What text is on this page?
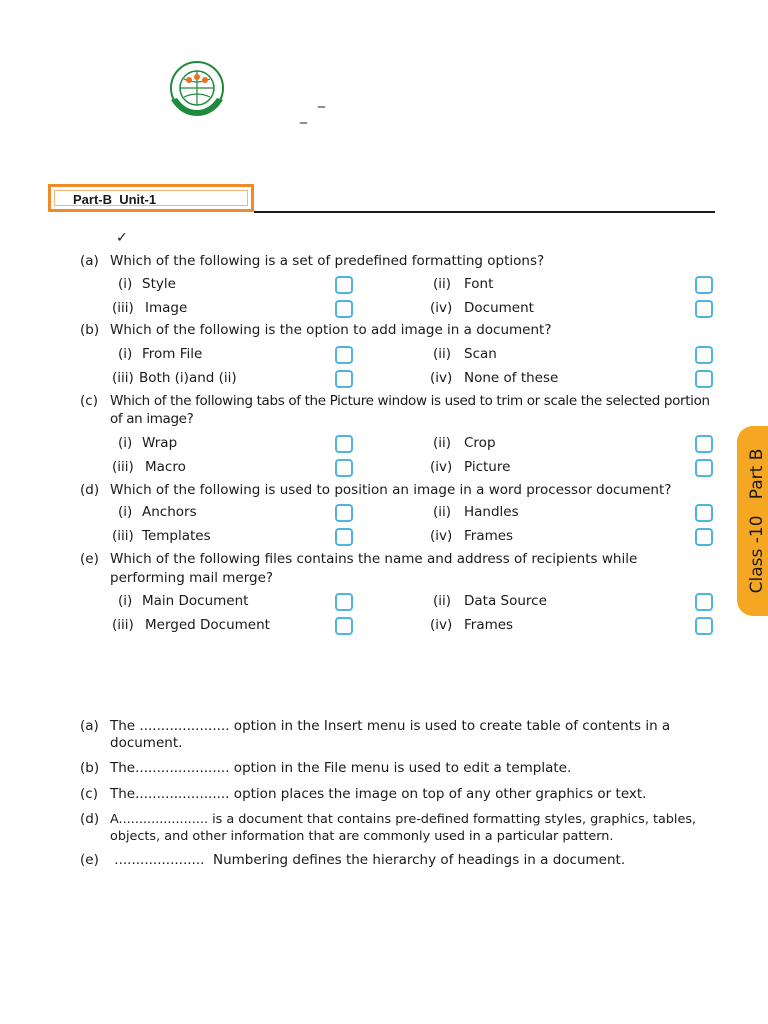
_
_
Part-B  Unit-1
✓
(a) Which of the following is a set of predefined formatting options?
(i) Style	(ii) Font
(iii) Image	(iv) Document
(b) Which of the following is the option to add image in a document?
(i) From File	(ii) Scan
(iii) Both (i)and (ii)	(iv) None of these
(c) Which of the following tabs of the Picture window is used to trim or scale the selected portion of an image?
(i) Wrap	(ii) Crop
(iii) Macro	(iv) Picture
(d) Which of the following is used to position an image in a word processor document?
(i) Anchors	(ii) Handles
(iii) Templates	(iv) Frames
(e) Which of the following files contains the name and address of recipients while performing mail merge?
(i) Main Document	(ii) Data Source
(iii) Merged Document	(iv) Frames
(a) The ..................... option in the Insert menu is used to create table of contents in a document.
(b) The...................... option in the File menu is used to edit a template.
(c) The...................... option places the image on top of any other graphics or text.
(d) A...................... is a document that contains pre-defined formatting styles, graphics, tables, objects, and other information that are commonly used in a particular pattern.
(e) .....................  Numbering defines the hierarchy of headings in a document.
Class -10   Part B
